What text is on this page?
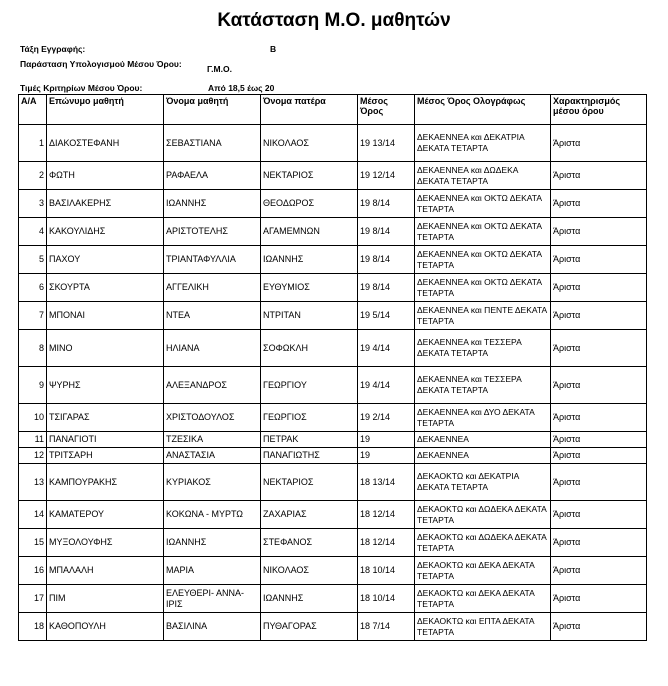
Κατάσταση Μ.Ο. μαθητών
Τάξη Εγγραφής:	Β
Παράσταση Υπολογισμού Μέσου Όρου:	Γ.Μ.Ο.
Τιμές Κριτηρίων Μέσου Όρου:	Από 18,5 έως 20
Α/Α	Επώνυμο μαθητή	Όνομα μαθητή	Όνομα πατέρα	Μέσος Όρος	Μέσος Όρος Ολογράφως	Χαρακτηρισμός μέσου όρου
1	ΔΙΑΚΟΣΤΕΦΑΝΗ	ΣΕΒΑΣΤΙΑΝΑ	ΝΙΚΟΛΑΟΣ	19 13/14	ΔΕΚΑΕΝΝΕΑ και ΔΕΚΑΤΡΙΑ ΔΕΚΑΤΑ ΤΕΤΑΡΤΑ	Άριστα
2	ΦΩΤΗ	ΡΑΦΑΕΛΑ	ΝΕΚΤΑΡΙΟΣ	19 12/14	ΔΕΚΑΕΝΝΕΑ και ΔΩΔΕΚΑ ΔΕΚΑΤΑ ΤΕΤΑΡΤΑ	Άριστα
3	ΒΑΣΙΛΑΚΕΡΗΣ	ΙΩΑΝΝΗΣ	ΘΕΟΔΩΡΟΣ	19 8/14	ΔΕΚΑΕΝΝΕΑ και ΟΚΤΩ ΔΕΚΑΤΑ ΤΕΤΑΡΤΑ	Άριστα
4	ΚΑΚΟΥΛΙΔΗΣ	ΑΡΙΣΤΟΤΕΛΗΣ	ΑΓΑΜΕΜΝΩΝ	19 8/14	ΔΕΚΑΕΝΝΕΑ και ΟΚΤΩ ΔΕΚΑΤΑ ΤΕΤΑΡΤΑ	Άριστα
5	ΠΑΧΟΥ	ΤΡΙΑΝΤΑΦΥΛΛΙΑ	ΙΩΑΝΝΗΣ	19 8/14	ΔΕΚΑΕΝΝΕΑ και ΟΚΤΩ ΔΕΚΑΤΑ ΤΕΤΑΡΤΑ	Άριστα
6	ΣΚΟΥΡΤΑ	ΑΓΓΕΛΙΚΗ	ΕΥΘΥΜΙΟΣ	19 8/14	ΔΕΚΑΕΝΝΕΑ και ΟΚΤΩ ΔΕΚΑΤΑ ΤΕΤΑΡΤΑ	Άριστα
7	ΜΠΟΝΑΙ	ΝΤΕΑ	ΝΤΡΙΤΑΝ	19 5/14	ΔΕΚΑΕΝΝΕΑ και ΠΕΝΤΕ ΔΕΚΑΤΑ ΤΕΤΑΡΤΑ	Άριστα
8	ΜΙΝΟ	ΗΛΙΑΝΑ	ΣΟΦΩΚΛΗ	19 4/14	ΔΕΚΑΕΝΝΕΑ και ΤΕΣΣΕΡΑ ΔΕΚΑΤΑ ΤΕΤΑΡΤΑ	Άριστα
9	ΨΥΡΗΣ	ΑΛΕΞΑΝΔΡΟΣ	ΓΕΩΡΓΙΟΥ	19 4/14	ΔΕΚΑΕΝΝΕΑ και ΤΕΣΣΕΡΑ ΔΕΚΑΤΑ ΤΕΤΑΡΤΑ	Άριστα
10	ΤΣΙΓΑΡΑΣ	ΧΡΙΣΤΟΔΟΥΛΟΣ	ΓΕΩΡΓΙΟΣ	19 2/14	ΔΕΚΑΕΝΝΕΑ και ΔΥΟ ΔΕΚΑΤΑ ΤΕΤΑΡΤΑ	Άριστα
11	ΠΑΝΑΓΙΟΤΙ	ΤΖΕΣΙΚΑ	ΠΕΤΡΑΚ	19	ΔΕΚΑΕΝΝΕΑ	Άριστα
12	ΤΡΙΤΣΑΡΗ	ΑΝΑΣΤΑΣΙΑ	ΠΑΝΑΓΙΩΤΗΣ	19	ΔΕΚΑΕΝΝΕΑ	Άριστα
13	ΚΑΜΠΟΥΡΑΚΗΣ	ΚΥΡΙΑΚΟΣ	ΝΕΚΤΑΡΙΟΣ	18 13/14	ΔΕΚΑΟΚΤΩ και ΔΕΚΑΤΡΙΑ ΔΕΚΑΤΑ ΤΕΤΑΡΤΑ	Άριστα
14	ΚΑΜΑΤΕΡΟΥ	ΚΟΚΩΝΑ - ΜΥΡΤΩ	ΖΑΧΑΡΙΑΣ	18 12/14	ΔΕΚΑΟΚΤΩ και ΔΩΔΕΚΑ ΔΕΚΑΤΑ ΤΕΤΑΡΤΑ	Άριστα
15	ΜΥΞΟΛΟΥΦΗΣ	ΙΩΑΝΝΗΣ	ΣΤΕΦΑΝΟΣ	18 12/14	ΔΕΚΑΟΚΤΩ και ΔΩΔΕΚΑ ΔΕΚΑΤΑ ΤΕΤΑΡΤΑ	Άριστα
16	ΜΠΑΛΑΛΗ	ΜΑΡΙΑ	ΝΙΚΟΛΑΟΣ	18 10/14	ΔΕΚΑΟΚΤΩ και ΔΕΚΑ ΔΕΚΑΤΑ ΤΕΤΑΡΤΑ	Άριστα
17	ΠΙΜ	ΕΛΕΥΘΕΡΙ- ΑΝΝΑ-ΙΡΙΣ	ΙΩΑΝΝΗΣ	18 10/14	ΔΕΚΑΟΚΤΩ και ΔΕΚΑ ΔΕΚΑΤΑ ΤΕΤΑΡΤΑ	Άριστα
18	ΚΑΘΟΠΟΥΛΗ	ΒΑΣΙΛΙΝΑ	ΠΥΘΑΓΟΡΑΣ	18 7/14	ΔΕΚΑΟΚΤΩ και ΕΠΤΑ ΔΕΚΑΤΑ ΤΕΤΑΡΤΑ	Άριστα
